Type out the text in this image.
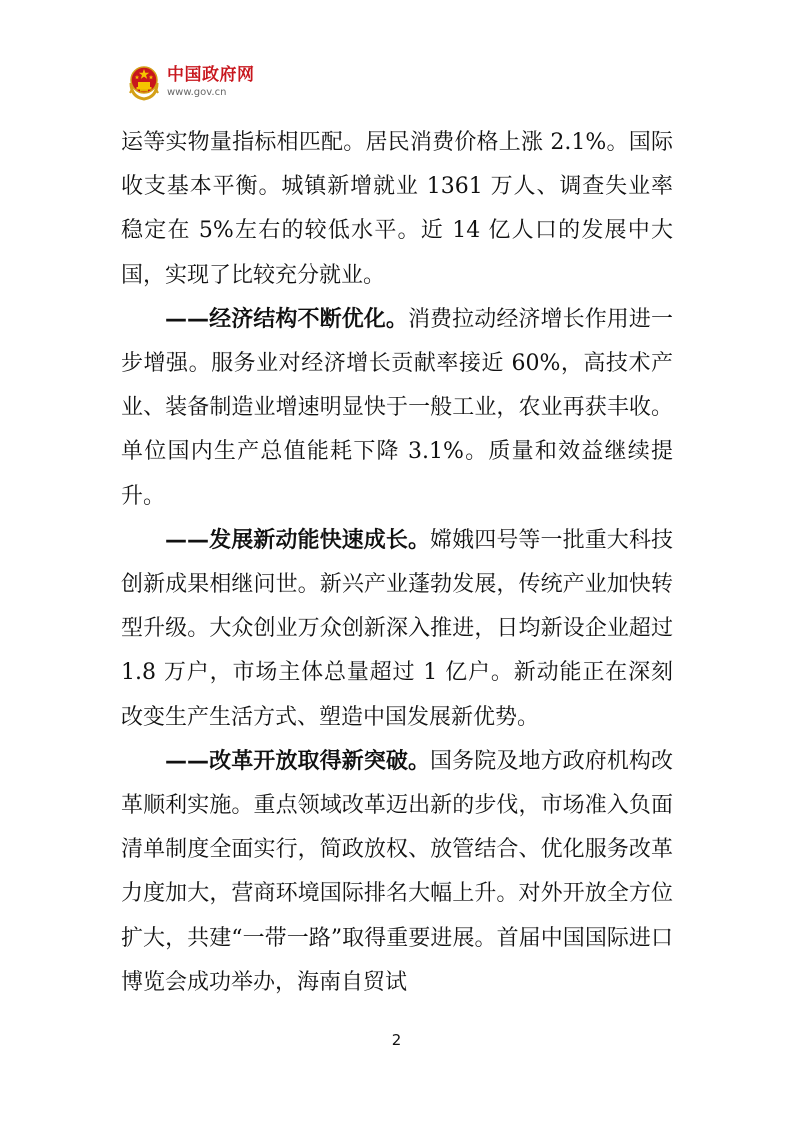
中国政府网
www.gov.cn

运等实物量指标相匹配。居民消费价格上涨 2.1%。国际收支基本平衡。城镇新增就业 1361 万人、调查失业率稳定在 5%左右的较低水平。近 14 亿人口的发展中大国，实现了比较充分就业。

——经济结构不断优化。消费拉动经济增长作用进一步增强。服务业对经济增长贡献率接近 60%，高技术产业、装备制造业增速明显快于一般工业，农业再获丰收。单位国内生产总值能耗下降 3.1%。质量和效益继续提升。

——发展新动能快速成长。嫦娥四号等一批重大科技创新成果相继问世。新兴产业蓬勃发展，传统产业加快转型升级。大众创业万众创新深入推进，日均新设企业超过 1.8 万户，市场主体总量超过 1 亿户。新动能正在深刻改变生产生活方式、塑造中国发展新优势。

——改革开放取得新突破。国务院及地方政府机构改革顺利实施。重点领域改革迈出新的步伐，市场准入负面清单制度全面实行，简政放权、放管结合、优化服务改革力度加大，营商环境国际排名大幅上升。对外开放全方位扩大，共建“一带一路”取得重要进展。首届中国国际进口博览会成功举办，海南自贸试

2
